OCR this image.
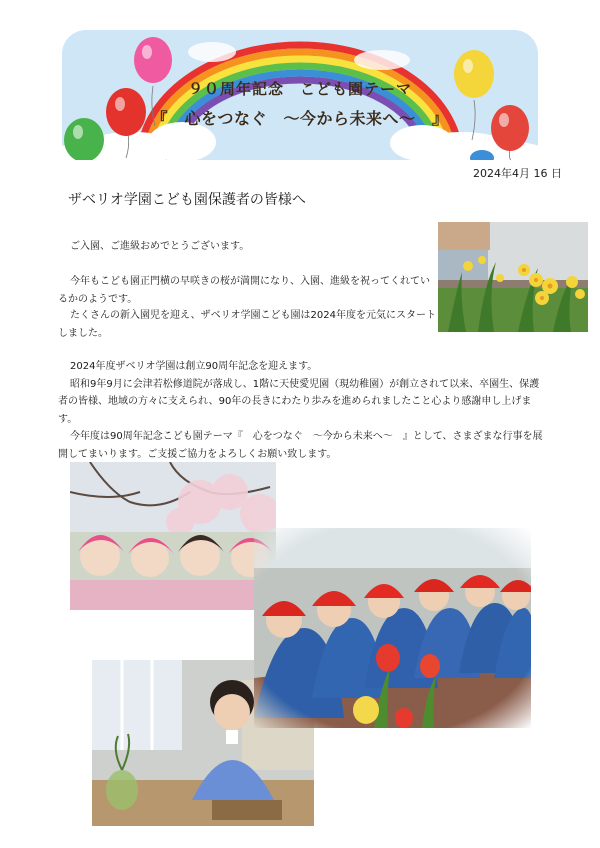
９０周年記念　こども園テーマ
『　心をつなぐ　～今から未来へ～　』
2024年4月 16 日
ザベリオ学園こども園保護者の皆様へ

ご入園、ご進級おめでとうございます。

今年もこども園正門横の早咲きの桜が満開になり、入園、進級を祝ってくれているかのようです。

たくさんの新入園児を迎え、ザベリオ学園こども園は2024年度を元気にスタートしました。

2024年度ザベリオ学園は創立90周年記念を迎えます。
昭和9年9月に会津若松修道院が落成し、1階に天使愛児園（現幼稚園）が創立されて以来、卒園生、保護者の皆様、地域の方々に支えられ、90年の長きにわたり歩みを進められましたこと心より感謝申し上げます。
今年度は90周年記念こども園テーマ『　心をつなぐ　～今から未来へ～　』として、さまざまな行事を展開してまいります。ご支援ご協力をよろしくお願い致します。
